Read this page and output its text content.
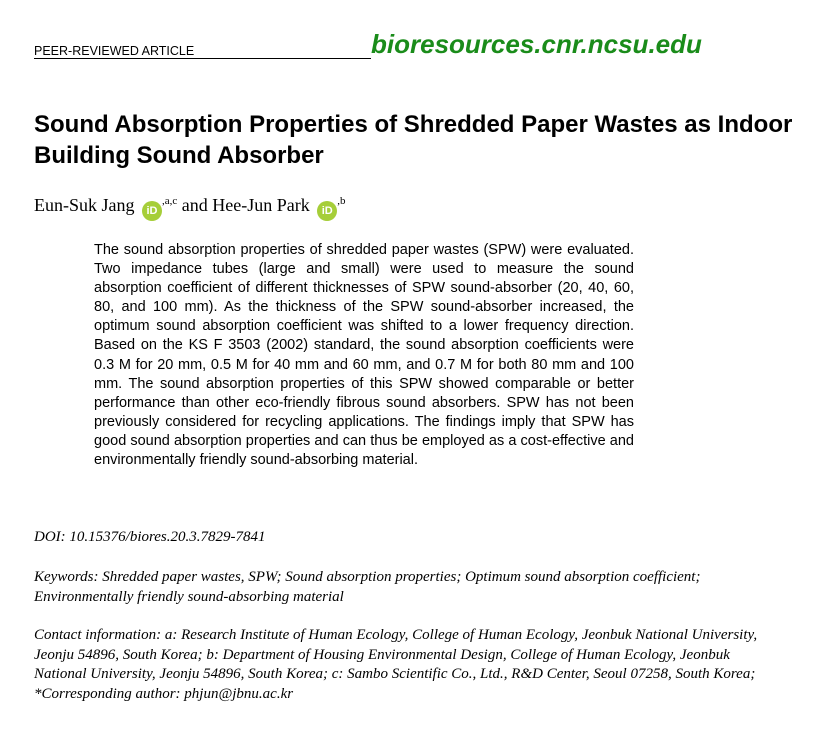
PEER-REVIEWED ARTICLE	bioresources.cnr.ncsu.edu
Sound Absorption Properties of Shredded Paper Wastes as Indoor Building Sound Absorber
Eun-Suk Jang iD$^{,a,c}$ and Hee-Jun Park iD$^{,b}$

The sound absorption properties of shredded paper wastes (SPW) were evaluated. Two impedance tubes (large and small) were used to measure the sound absorption coefficient of different thicknesses of SPW sound-absorber (20, 40, 60, 80, and 100 mm). As the thickness of the SPW sound-absorber increased, the optimum sound absorption coefficient was shifted to a lower frequency direction. Based on the KS F 3503 (2002) standard, the sound absorption coefficients were 0.3 M for 20 mm, 0.5 M for 40 mm and 60 mm, and 0.7 M for both 80 mm and 100 mm. The sound absorption properties of this SPW showed comparable or better performance than other eco-friendly fibrous sound absorbers. SPW has not been previously considered for recycling applications. The findings imply that SPW has good sound absorption properties and can thus be employed as a cost-effective and environmentally friendly sound-absorbing material.

DOI: 10.15376/biores.20.3.7829-7841

Keywords: Shredded paper wastes, SPW; Sound absorption properties; Optimum sound absorption coefficient; Environmentally friendly sound-absorbing material

Contact information: a: Research Institute of Human Ecology, College of Human Ecology, Jeonbuk National University, Jeonju 54896, South Korea; b: Department of Housing Environmental Design, College of Human Ecology, Jeonbuk National University, Jeonju 54896, South Korea; c: Sambo Scientific Co., Ltd., R&D Center, Seoul 07258, South Korea; *Corresponding author: phjun@jbnu.ac.kr
